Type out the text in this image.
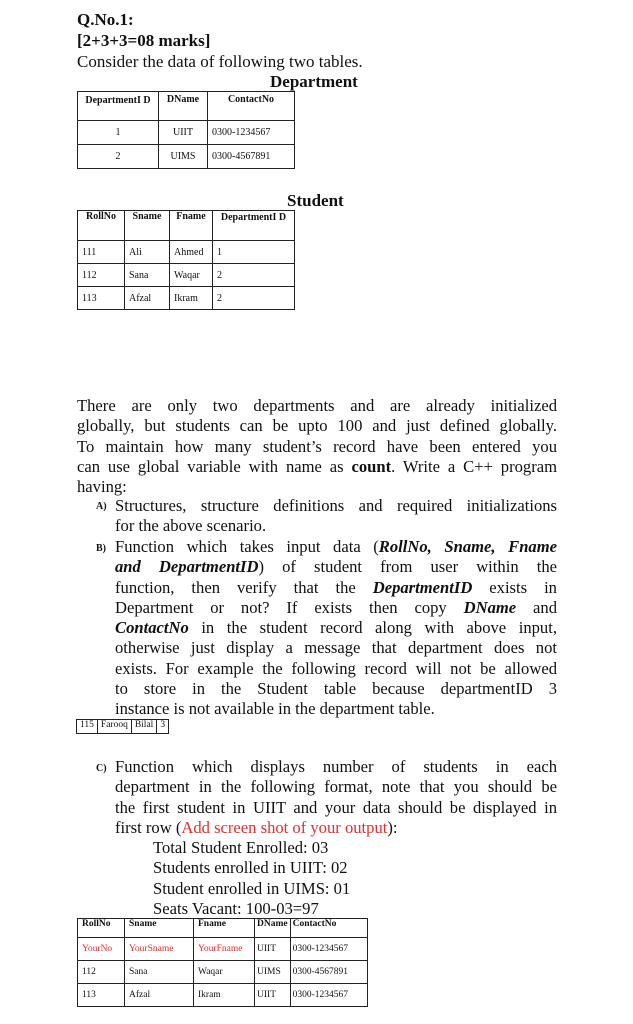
Q.No.1:
[2+3+3=08 marks]
Consider the data of following two tables.
Department
DepartmentI D	DName	ContactNo
1	UIIT	0300-1234567
2	UIMS	0300-4567891
Student
RollNo	Sname	Fname	DepartmentI D
111	Ali	Ahmed	1
112	Sana	Waqar	2
113	Afzal	Ikram	2
There are only two departments and are already initialized
globally, but students can be upto 100 and just defined globally.
To maintain how many student’s record have been entered you
can use global variable with name as count. Write a C++ program
having:
A) Structures, structure definitions and required initializations
for the above scenario.
B) Function which takes input data (RollNo, Sname, Fname
and DepartmentID) of student from user within the
function, then verify that the DepartmentID exists in
Department or not? If exists then copy DName and
ContactNo in the student record along with above input,
otherwise just display a message that department does not
exists. For example the following record will not be allowed
to store in the Student table because departmentID 3
instance is not available in the department table.
115	Farooq	Bilal	3
C) Function which displays number of students in each
department in the following format, note that you should be
the first student in UIIT and your data should be displayed in
first row (Add screen shot of your output):
Total Student Enrolled: 03
Students enrolled in UIIT: 02
Student enrolled in UIMS: 01
Seats Vacant: 100-03=97
RollNo	Sname	Fname	DName	ContactNo
YourNo	YourSname	YourFname	UIIT	0300-1234567
112	Sana	Waqar	UIMS	0300-4567891
113	Afzal	Ikram	UIIT	0300-1234567
